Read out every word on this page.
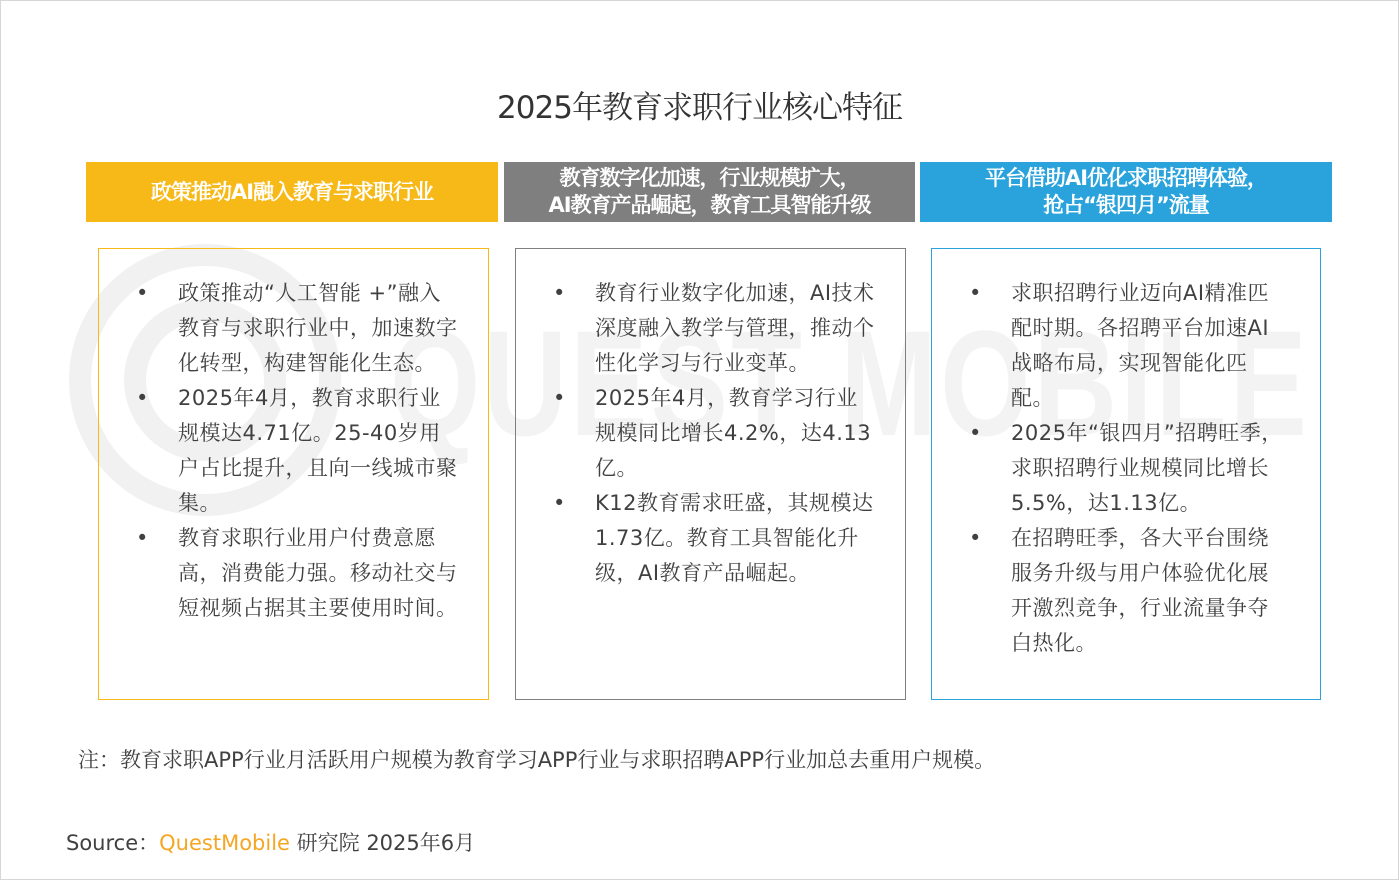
QUEST MOBILE
2025年教育求职行业核心特征
政策推动AI融入教育与求职行业
教育数字化加速，行业规模扩大，
AI教育产品崛起，教育工具智能升级
平台借助AI优化求职招聘体验，
抢占“银四月”流量
• 政策推动“人工智能 +”融入教育与求职行业中，加速数字化转型，构建智能化生态。
• 2025年4月，教育求职行业规模达4.71亿。25-40岁用户占比提升，且向一线城市聚集。
• 教育求职行业用户付费意愿高，消费能力强。移动社交与短视频占据其主要使用时间。
• 教育行业数字化加速，AI技术深度融入教学与管理，推动个性化学习与行业变革。
• 2025年4月，教育学习行业规模同比增长4.2%，达4.13亿。
• K12教育需求旺盛，其规模达1.73亿。教育工具智能化升级，AI教育产品崛起。
• 求职招聘行业迈向AI精准匹配时期。各招聘平台加速AI战略布局，实现智能化匹配。
• 2025年“银四月”招聘旺季，求职招聘行业规模同比增长5.5%，达1.13亿。
• 在招聘旺季，各大平台围绕服务升级与用户体验优化展开激烈竞争，行业流量争夺白热化。
注：教育求职APP行业月活跃用户规模为教育学习APP行业与求职招聘APP行业加总去重用户规模。
Source：QuestMobile 研究院 2025年6月
